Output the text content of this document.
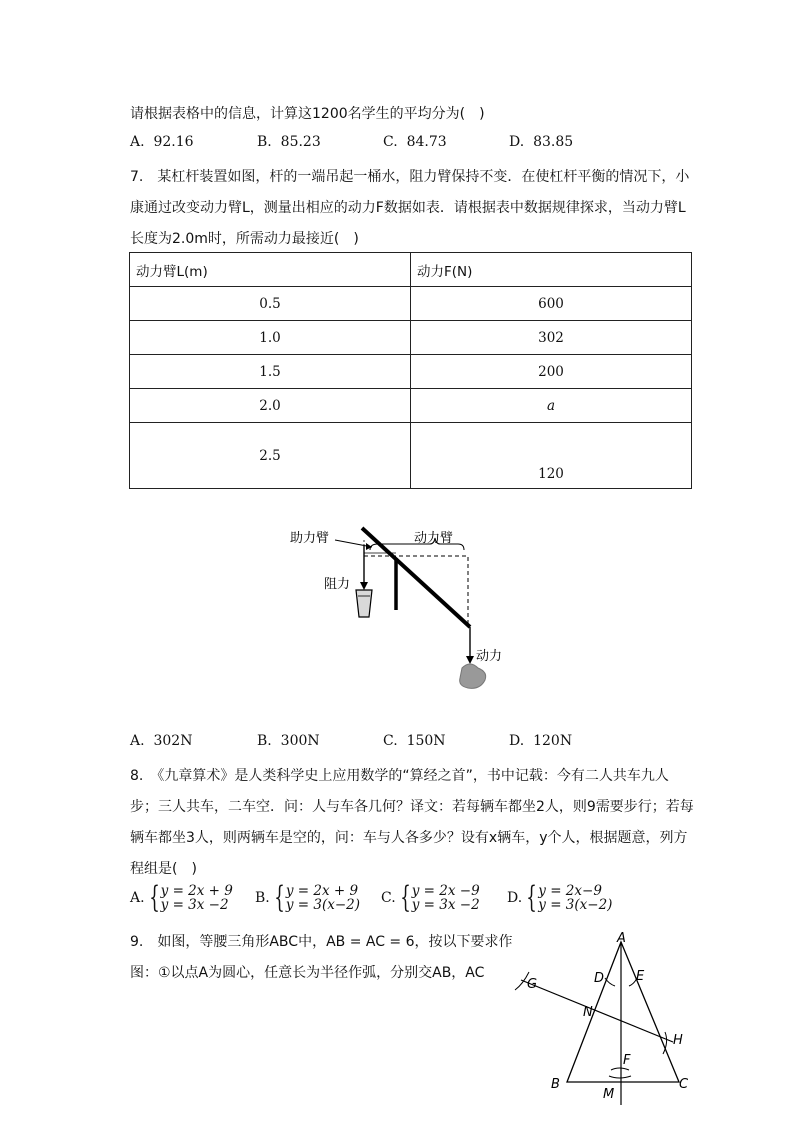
请根据表格中的信息，计算这1200名学生的平均分为(　)
A. 92.16	B. 85.23	C. 84.73	D. 83.85
7.　某杠杆装置如图，杆的一端吊起一桶水，阻力臂保持不变．在使杠杆平衡的情况下，小
康通过改变动力臂L，测量出相应的动力F数据如表．请根据表中数据规律探求，当动力臂L
长度为2.0m时，所需动力最接近(　)
动力臂L(m)	动力F(N)
0.5	600
1.0	302
1.5	200
2.0	a
2.5	120
助力臂	动力臂
阻力
动力
A. 302N	B. 300N	C. 150N	D. 120N
8.　《九章算术》是人类科学史上应用数学的“算经之首”，书中记载：今有二人共车九人
步；三人共车，二车空．问：人与车各几何？译文：若每辆车都坐2人，则9需要步行；若每
辆车都坐3人，则两辆车是空的，问：车与人各多少？设有x辆车，y个人，根据题意，列方
程组是(　)
A. {y = 2x + 9
y = 3x −2	B. {y = 2x + 9
y = 3(x−2) C. {y = 2x −9
y = 3x −2 D. {y = 2x−9
y = 3(x−2)
9.　如图，等腰三角形ABC中，AB = AC = 6，按以下要求作
图：①以点A为圆心，任意长为半径作弧，分别交AB，AC
A
B	C
D E
G
N
H
F
M
